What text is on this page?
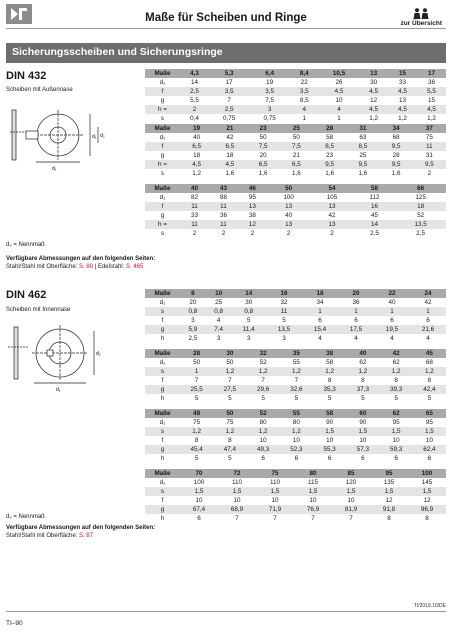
Maße für Scheiben und Ringe	zur Übersicht
Sicherungsscheiben und Sicherungsringe
DIN 432
Scheiben mit Außennase
d₁ d₂
d₁
Maße	4,3	5,3	6,4	8,4	10,5	13	15	17
d₁	14	17	19	22	26	30	33	36
f	2,5	3,5	3,5	3,5	4,5	4,5	4,5	5,5
g	5,5	7	7,5	8,5	10	12	13	15
h =	2	2,5	3	4	4	4,5	4,5	4,5
s	0,4	0,75	0,75	1	1	1,2	1,2	1,2
Maße	19	21	23	25	28	31	34	37
d₁	40	42	50	50	58	63	68	75
f	6,5	6,5	7,5	7,5	8,5	8,5	9,5	11
g	18	18	20	21	23	25	28	31
h =	4,5	4,5	6,5	6,5	9,5	9,5	9,5	9,5
s	1,2	1,6	1,6	1,6	1,6	1,6	1,6	2
Maße	40	43	46	50	54	58	66	
d₁	82	88	95	100	105	112	125	
f	11	11	13	13	13	16	18	
g	33	36	38	40	42	45	52	
h =	11	11	12	13	13	14	13,5	
s	2	2	2	2	2	2,5	2,5	
d₂ = Nennmaß
Verfügbare Abmessungen auf den folgenden Seiten:
Stahl/Stahl mit Oberfläche: S. 80 | Edelstahl: S. 465
DIN 462
Scheiben mit Innennase
d₂
d₁
Maße	8	10	14	16	18	20	22	24
d₁	20	25	30	32	34	36	40	42
s	0,8	0,8	0,8	11	1	1	1	1
f	3	4	5	5	6	6	6	6
g	5,9	7,4	11,4	13,5	15,4	17,5	19,5	21,6
h	2,5	3	3	3	4	4	4	4
Maße	28	30	32	35	38	40	42	45
d₁	50	50	52	55	58	62	62	68
s	1	1,2	1,2	1,2	1,2	1,2	1,2	1,2
f	7	7	7	7	8	8	8	8
g	25,5	27,5	29,6	32,6	35,3	37,3	39,3	42,4
h	5	5	5	5	5	5	5	5
Maße	48	50	52	55	58	60	62	65
d₁	75	75	80	80	90	90	95	95
s	1,2	1,2	1,2	1,2	1,5	1,5	1,5	1,5
f	8	8	10	10	10	10	10	10
g	45,4	47,4	49,3	52,3	55,3	57,3	59,3	62,4
h	5	5	6	6	6	6	6	6
Maße	70	72	75	80	85	95	100	
d₁	100	110	110	115	120	135	145	
s	1,5	1,5	1,5	1,5	1,5	1,5	1,5	
f	10	10	10	10	10	12	12	
g	67,4	68,9	71,9	76,9	81,9	91,8	96,9	
h	6	7	7	7	7	8	8	
d₂ = Nennmaß
Verfügbare Abmessungen auf den folgenden Seiten:
Stahl/Stahl mit Oberfläche: S. 87
TI/2019.10/DE
TI–90
